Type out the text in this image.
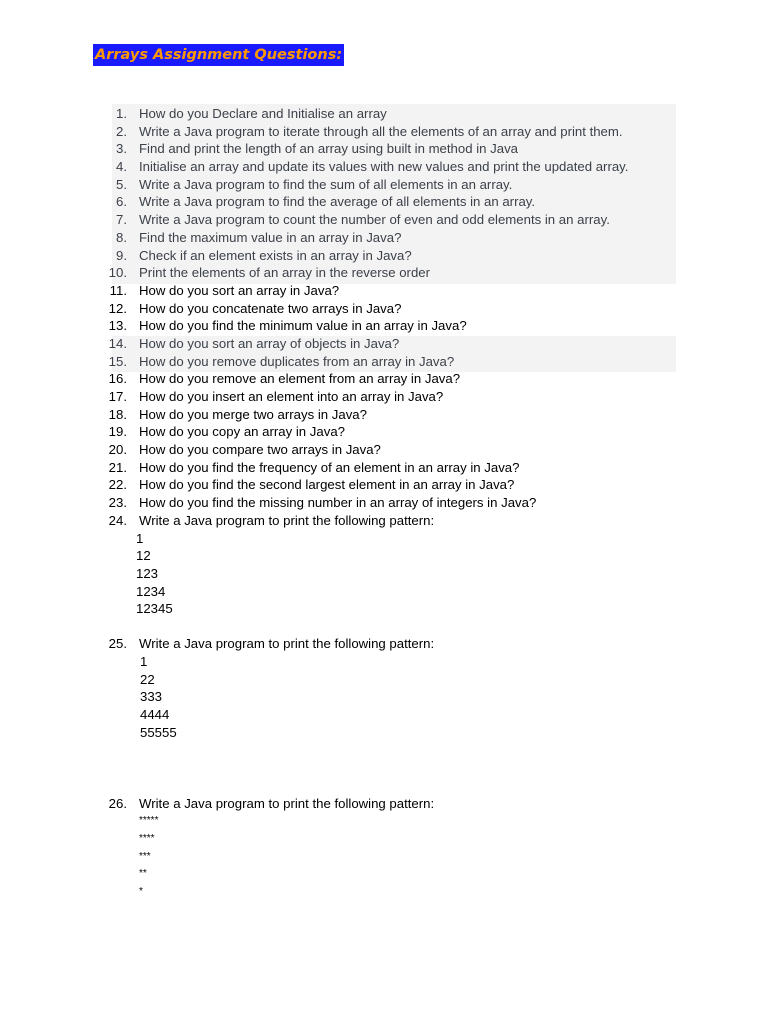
Arrays Assignment Questions:
1. How do you Declare and Initialise an array
2. Write a Java program to iterate through all the elements of an array and print them.
3. Find and print the length of an array using built in method in Java
4. Initialise an array and update its values with new values and print the updated array.
5. Write a Java program to find the sum of all elements in an array.
6. Write a Java program to find the average of all elements in an array.
7. Write a Java program to count the number of even and odd elements in an array.
8. Find the maximum value in an array in Java?
9. Check if an element exists in an array in Java?
10. Print the elements of an array in the reverse order
11. How do you sort an array in Java?
12. How do you concatenate two arrays in Java?
13. How do you find the minimum value in an array in Java?
14. How do you sort an array of objects in Java?
15. How do you remove duplicates from an array in Java?
16. How do you remove an element from an array in Java?
17. How do you insert an element into an array in Java?
18. How do you merge two arrays in Java?
19. How do you copy an array in Java?
20. How do you compare two arrays in Java?
21. How do you find the frequency of an element in an array in Java?
22. How do you find the second largest element in an array in Java?
23. How do you find the missing number in an array of integers in Java?
24. Write a Java program to print the following pattern:
25. Write a Java program to print the following pattern:
26. Write a Java program to print the following pattern:
1
12
123
1234
12345
1
22
333
4444
55555
*****
****
***
**
*
